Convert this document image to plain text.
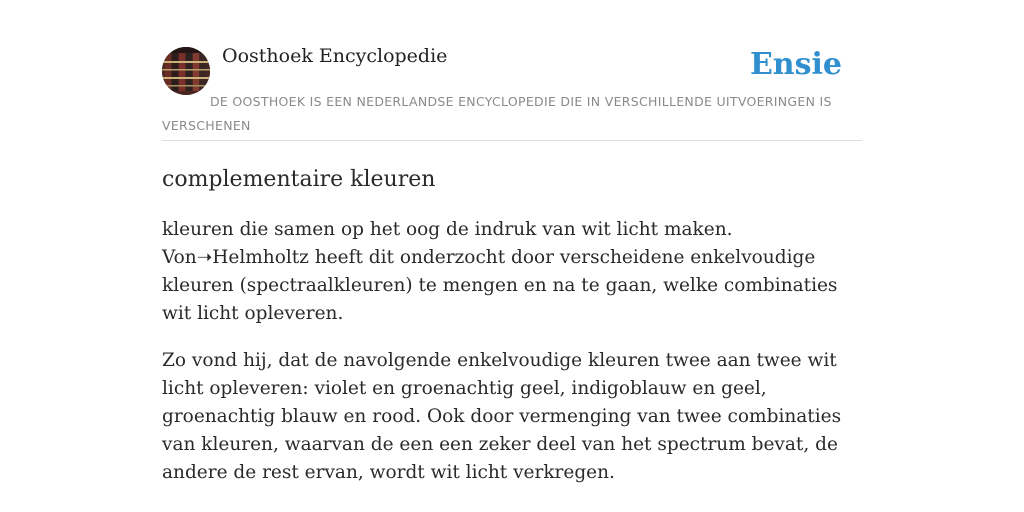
Oosthoek Encyclopedie	Ensie
DE OOSTHOEK IS EEN NEDERLANDSE ENCYCLOPEDIE DIE IN VERSCHILLENDE UITVOERINGEN IS VERSCHENEN
complementaire kleuren

kleuren die samen op het oog de indruk van wit licht maken. Von➝Helmholtz heeft dit onderzocht door verscheidene enkelvoudige kleuren (spectraalkleuren) te mengen en na te gaan, welke combinaties wit licht opleveren.

Zo vond hij, dat de navolgende enkelvoudige kleuren twee aan twee wit licht opleveren: violet en groenachtig geel, indigoblauw en geel, groenachtig blauw en rood. Ook door vermenging van twee combinaties van kleuren, waarvan de een een zeker deel van het spectrum bevat, de andere de rest ervan, wordt wit licht verkregen.
